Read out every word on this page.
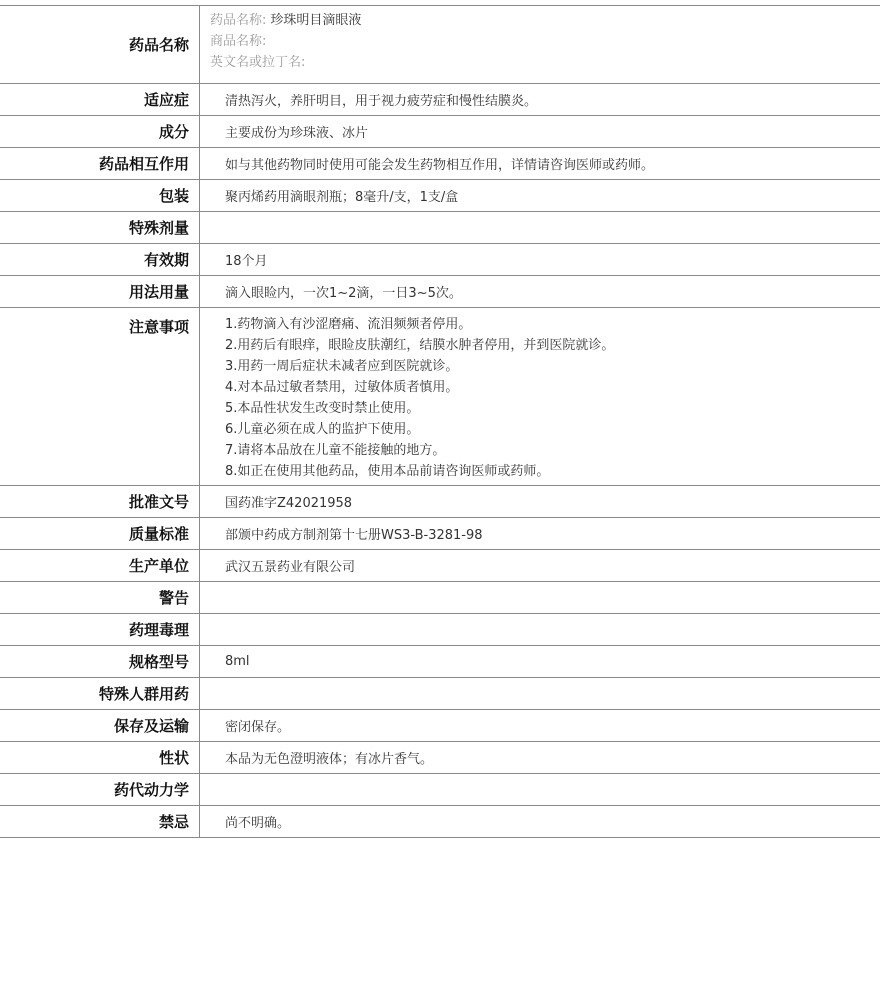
药品名称
药品名称: 珍珠明目滴眼液
商品名称:
英文名或拉丁名:
适应症	清热泻火，养肝明目，用于视力疲劳症和慢性结膜炎。
成分	主要成份为珍珠液、冰片
药品相互作用	如与其他药物同时使用可能会发生药物相互作用，详情请咨询医师或药师。
包装	聚丙烯药用滴眼剂瓶；8毫升/支，1支/盒
特殊剂量
有效期	18个月
用法用量	滴入眼睑内，一次1~2滴，一日3~5次。
注意事项	1.药物滴入有沙涩磨痛、流泪频频者停用。
2.用药后有眼痒，眼睑皮肤潮红，结膜水肿者停用，并到医院就诊。
3.用药一周后症状未减者应到医院就诊。
4.对本品过敏者禁用，过敏体质者慎用。
5.本品性状发生改变时禁止使用。
6.儿童必须在成人的监护下使用。
7.请将本品放在儿童不能接触的地方。
8.如正在使用其他药品，使用本品前请咨询医师或药师。
批准文号	国药准字Z42021958
质量标准	部颁中药成方制剂第十七册WS3-B-3281-98
生产单位	武汉五景药业有限公司
警告
药理毒理
规格型号	8ml
特殊人群用药
保存及运输	密闭保存。
性状	本品为无色澄明液体；有冰片香气。
药代动力学
禁忌	尚不明确。
